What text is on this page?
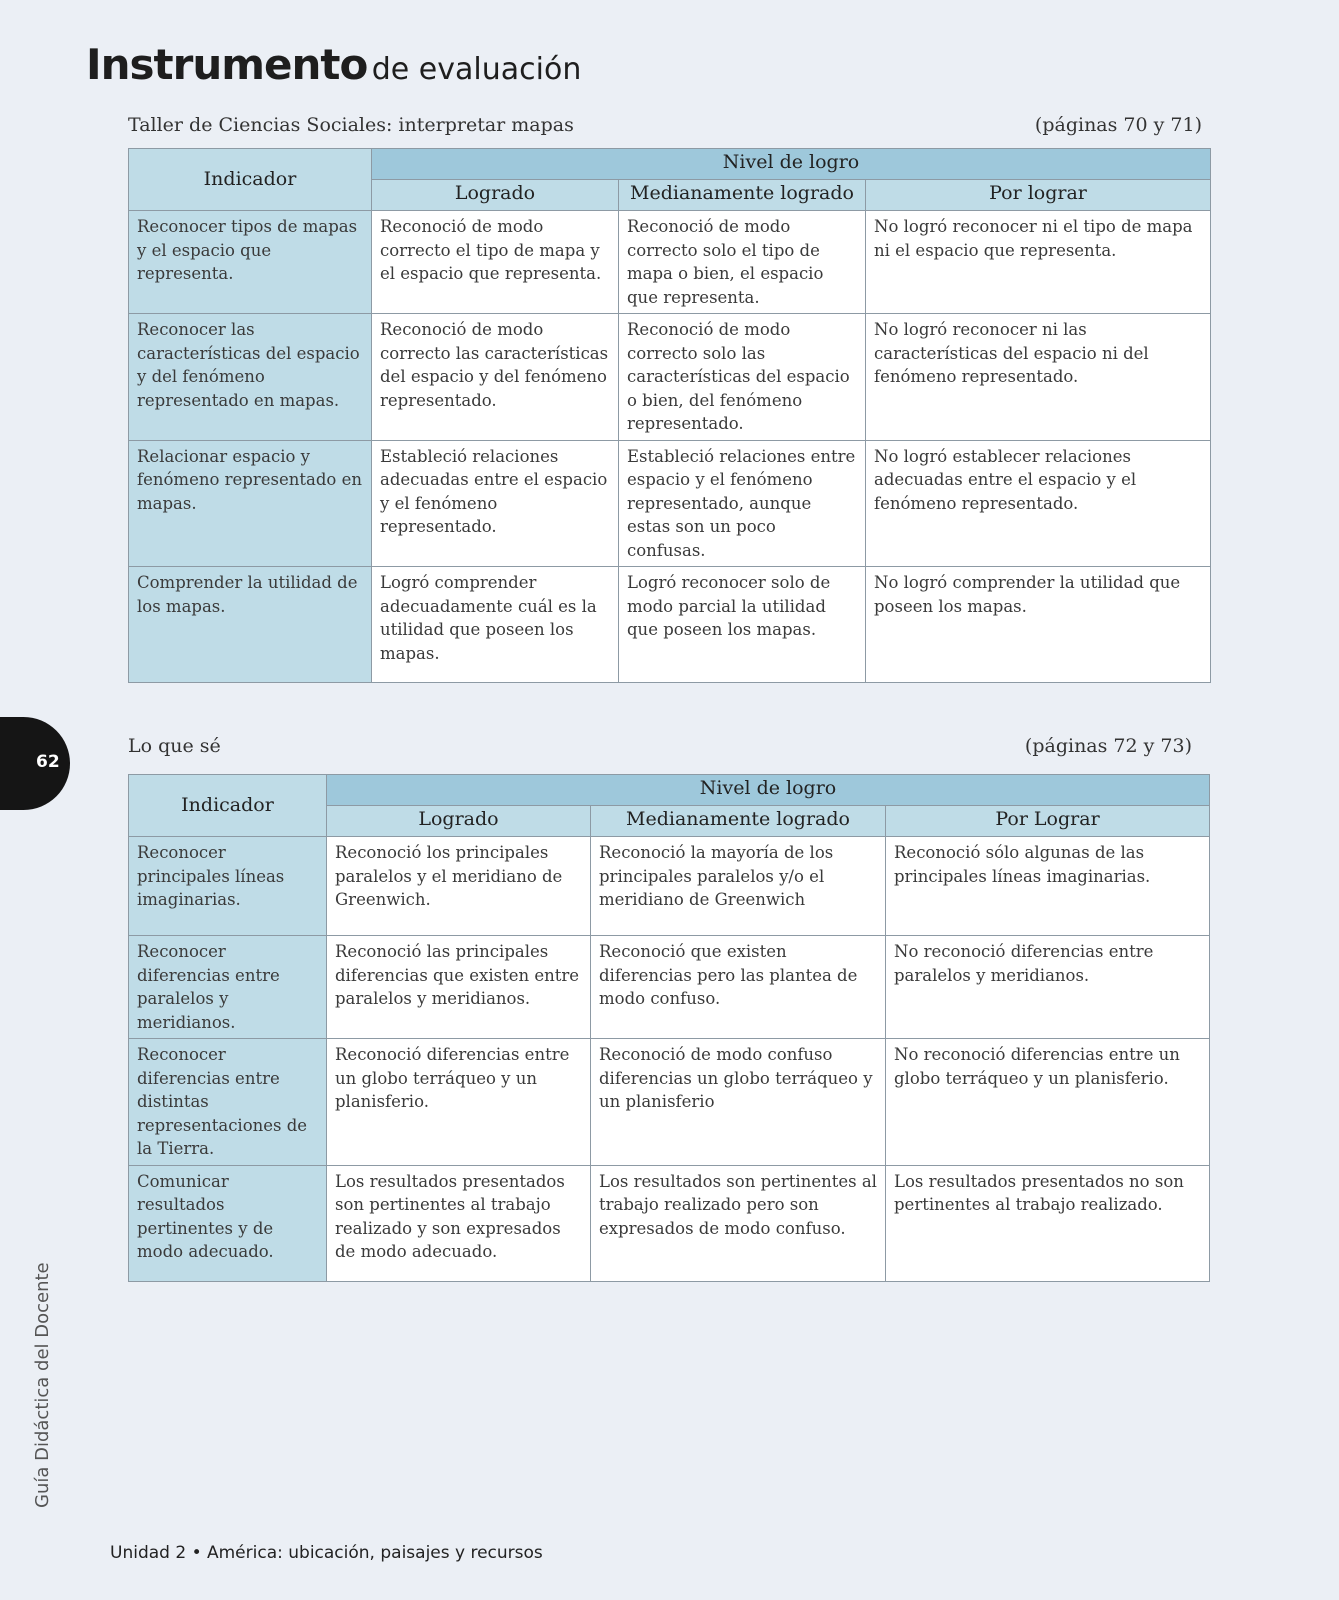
Instrumento de evaluación
Taller de Ciencias Sociales: interpretar mapas	(páginas 70 y 71)
Indicador	Nivel de logro		
	Logrado	Medianamente logrado	Por lograr
Reconocer tipos de mapas y el espacio que representa.	Reconoció de modo correcto el tipo de mapa y el espacio que representa.	Reconoció de modo correcto solo el tipo de mapa o bien, el espacio que representa.	No logró reconocer ni el tipo de mapa ni el espacio que representa.
Reconocer las características del espacio y del fenómeno representado en mapas.	Reconoció de modo correcto las características del espacio y del fenómeno representado.	Reconoció de modo correcto solo las características del espacio o bien, del fenómeno representado.	No logró reconocer ni las características del espacio ni del fenómeno representado.
Relacionar espacio y fenómeno representado en mapas.	Estableció relaciones adecuadas entre el espacio y el fenómeno representado.	Estableció relaciones entre espacio y el fenómeno representado, aunque estas son un poco confusas.	No logró establecer relaciones adecuadas entre el espacio y el fenómeno representado.
Comprender la utilidad de los mapas.	Logró comprender adecuadamente cuál es la utilidad que poseen los mapas.	Logró reconocer solo de modo parcial la utilidad que poseen los mapas.	No logró comprender la utilidad que poseen los mapas.
62
Lo que sé	(páginas 72 y 73)
Indicador	Nivel de logro		
	Logrado	Medianamente logrado	Por Lograr
Reconocer principales líneas imaginarias.	Reconoció los principales paralelos y el meridiano de Greenwich.	Reconoció la mayoría de los principales paralelos y/o el meridiano de Greenwich	Reconoció sólo algunas de las principales líneas imaginarias.
Reconocer diferencias entre paralelos y meridianos.	Reconoció las principales diferencias que existen entre paralelos y meridianos.	Reconoció que existen diferencias pero las plantea de modo confuso.	No reconoció diferencias entre paralelos y meridianos.
Reconocer diferencias entre distintas representaciones de la Tierra.	Reconoció diferencias entre un globo terráqueo y un planisferio.	Reconoció de modo confuso diferencias un globo terráqueo y un planisferio	No reconoció diferencias entre un globo terráqueo y un planisferio.
Comunicar resultados pertinentes y de modo adecuado.	Los resultados presentados son pertinentes al trabajo realizado y son expresados de modo adecuado.	Los resultados son pertinentes al trabajo realizado pero son expresados de modo confuso.	Los resultados presentados no son pertinentes al trabajo realizado.
Guía Didáctica del Docente
Unidad 2 • América: ubicación, paisajes y recursos
